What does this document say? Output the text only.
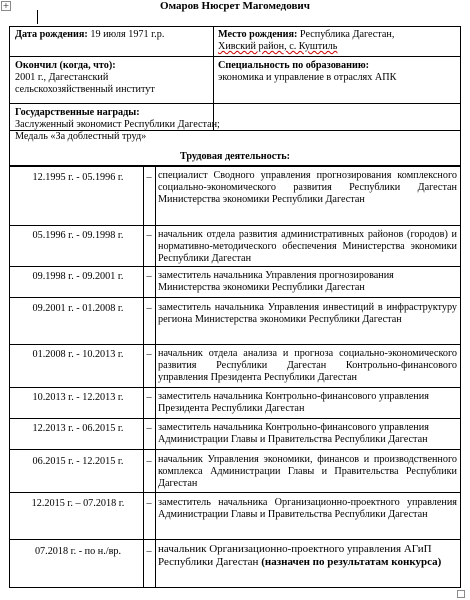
+	Омаров Нюсрет Магомедович
Дата рождения: 19 июля 1971 г.р.	Место рождения: Республика Дагестан,
Хивский район, с. Куштиль
Окончил (когда, что):
2001 г., Дагестанский сельскохозяйственный институт
Специальность по образованию:
экономика и управление в отраслях АПК
Государственные награды:
Заслуженный экономист Республики Дагестан;
Медаль «За доблестный труд»
Трудовая деятельность:
12.1995 г. - 05.1996 г.	– специалист Сводного управления прогнозирования комплексного социально-экономического развития Республики Дагестан Министерства экономики Республики Дагестан
05.1996 г. - 09.1998 г.	– начальник отдела развития административных районов (городов) и нормативно-методического обеспечения Министерства экономики Республики Дагестан
09.1998 г. - 09.2001 г.	– заместитель начальника Управления прогнозирования Министерства экономики Республики Дагестан
09.2001 г. - 01.2008 г.	– заместитель начальника Управления инвестиций в инфраструктуру региона Министерства экономики Республики Дагестан
01.2008 г. - 10.2013 г.	– начальник отдела анализа и прогноза социально-экономического развития Республики Дагестан Контрольно-финансового управления Президента Республики Дагестан
10.2013 г. - 12.2013 г.	– заместитель начальника Контрольно-финансового управления Президента Республики Дагестан
12.2013 г. - 06.2015 г.	– заместитель начальника Контрольно-финансового управления Администрации Главы и Правительства Республики Дагестан
06.2015 г. - 12.2015 г.	– начальник Управления экономики, финансов и производственного комплекса Администрации Главы и Правительства Республики Дагестан
12.2015 г. – 07.2018 г.	– заместитель начальника Организационно-проектного управления Администрации Главы и Правительства Республики Дагестан
07.2018 г. - по н./вр.	– начальник Организационно-проектного управления АГиП Республики Дагестан (назначен по результатам конкурса)
